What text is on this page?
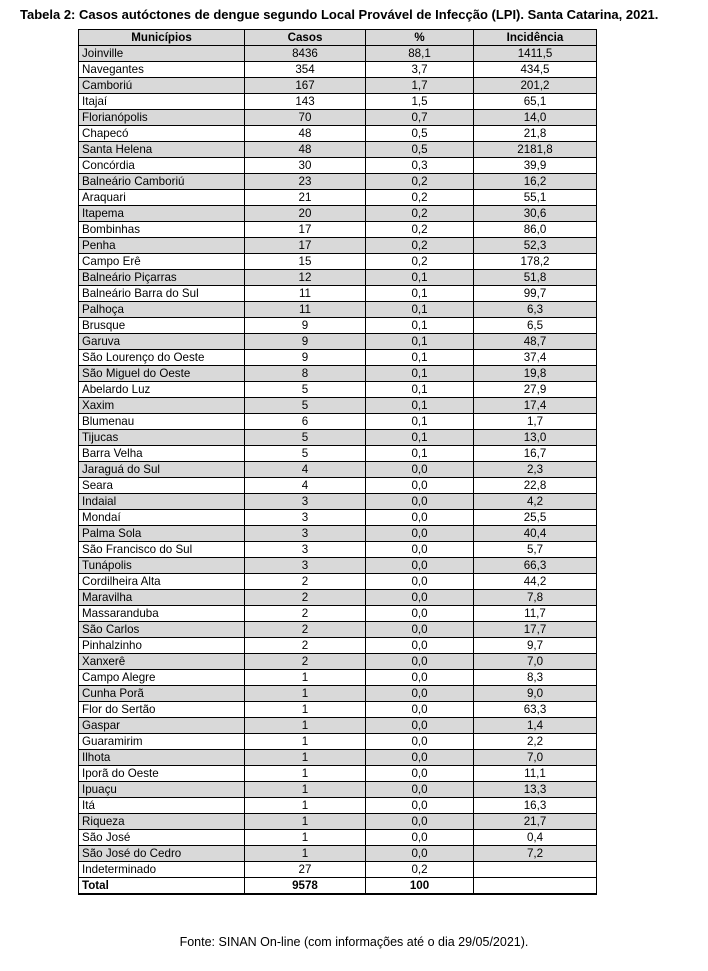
Tabela 2: Casos autóctones de dengue segundo Local Provável de Infecção (LPI). Santa Catarina, 2021.
Municípios	Casos	%	Incidência
Joinville	8436	88,1	1411,5
Navegantes	354	3,7	434,5
Camboriú	167	1,7	201,2
Itajaí	143	1,5	65,1
Florianópolis	70	0,7	14,0
Chapecó	48	0,5	21,8
Santa Helena	48	0,5	2181,8
Concórdia	30	0,3	39,9
Balneário Camboriú	23	0,2	16,2
Araquari	21	0,2	55,1
Itapema	20	0,2	30,6
Bombinhas	17	0,2	86,0
Penha	17	0,2	52,3
Campo Erê	15	0,2	178,2
Balneário Piçarras	12	0,1	51,8
Balneário Barra do Sul	11	0,1	99,7
Palhoça	11	0,1	6,3
Brusque	9	0,1	6,5
Garuva	9	0,1	48,7
São Lourenço do Oeste	9	0,1	37,4
São Miguel do Oeste	8	0,1	19,8
Abelardo Luz	5	0,1	27,9
Xaxim	5	0,1	17,4
Blumenau	6	0,1	1,7
Tijucas	5	0,1	13,0
Barra Velha	5	0,1	16,7
Jaraguá do Sul	4	0,0	2,3
Seara	4	0,0	22,8
Indaial	3	0,0	4,2
Mondaí	3	0,0	25,5
Palma Sola	3	0,0	40,4
São Francisco do Sul	3	0,0	5,7
Tunápolis	3	0,0	66,3
Cordilheira Alta	2	0,0	44,2
Maravilha	2	0,0	7,8
Massaranduba	2	0,0	11,7
São Carlos	2	0,0	17,7
Pinhalzinho	2	0,0	9,7
Xanxerê	2	0,0	7,0
Campo Alegre	1	0,0	8,3
Cunha Porã	1	0,0	9,0
Flor do Sertão	1	0,0	63,3
Gaspar	1	0,0	1,4
Guaramirim	1	0,0	2,2
Ilhota	1	0,0	7,0
Iporã do Oeste	1	0,0	11,1
Ipuaçu	1	0,0	13,3
Itá	1	0,0	16,3
Riqueza	1	0,0	21,7
São José	1	0,0	0,4
São José do Cedro	1	0,0	7,2
Indeterminado	27	0,2	
Total	9578	100	
Fonte: SINAN On-line (com informações até o dia 29/05/2021).
